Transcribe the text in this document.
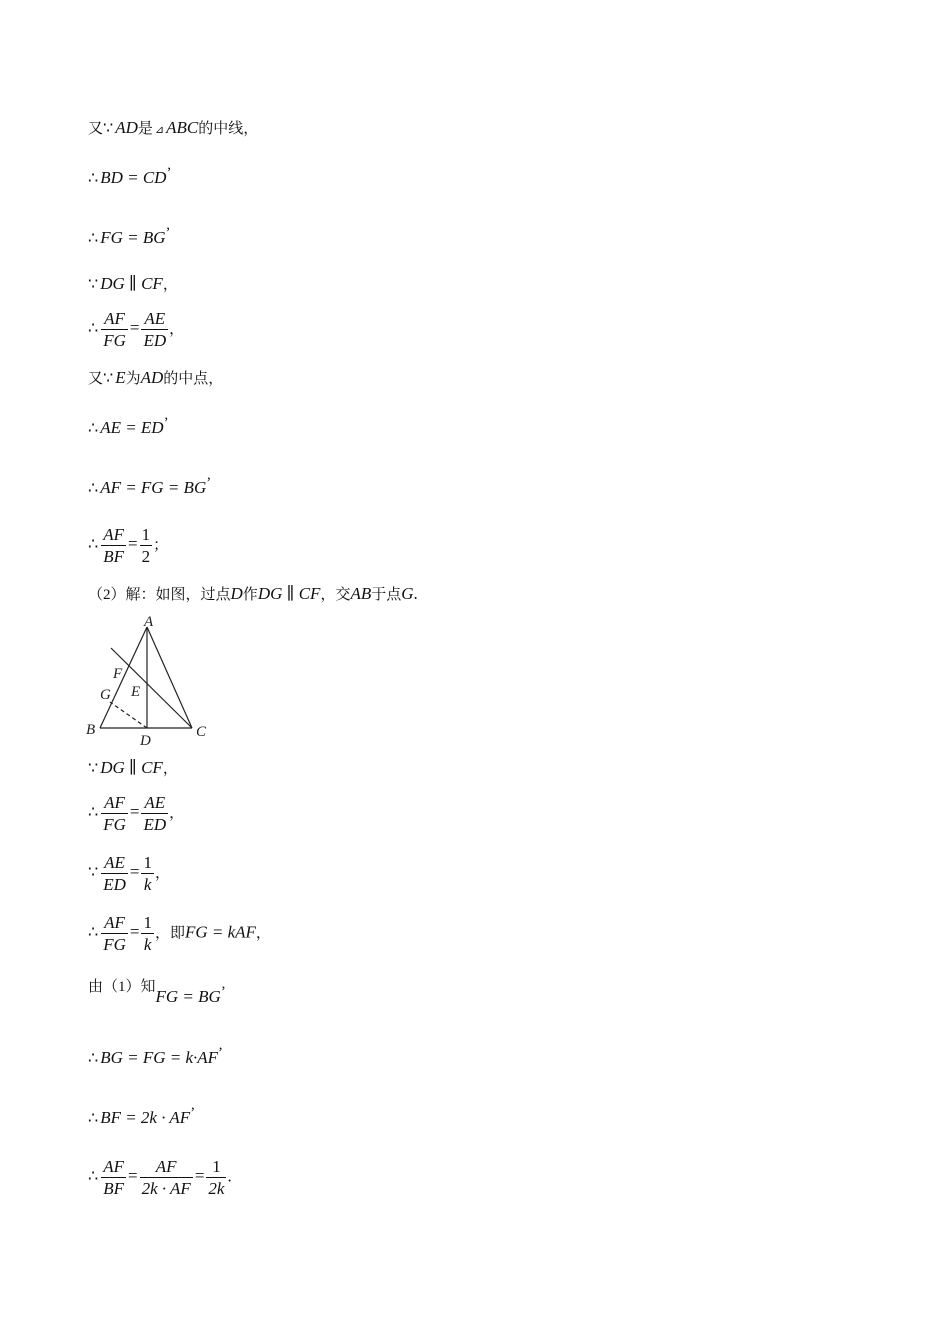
又∵ AD是 ⊿ ABC的中线，
∴ BD = CD’
∴ FG = BG’
∵ DG ∥ CF，
∴ $\frac{AF}{FG} = \frac{AE}{ED}$ ，
又∵ E为AD的中点，
∴ AE = ED’
∴ AF = FG = BG’
∴ $\frac{AF}{BF} = \frac{1}{2}$ ；
（2）解：如图，过点D作DG ∥ CF，交AB于点G.
A
B	C
D
E
F
G
∵ DG ∥ CF，
∴ $\frac{AF}{FG} = \frac{AE}{ED}$ ，
∵ $\frac{AE}{ED} = \frac{1}{k}$ ，
∴ $\frac{AF}{FG} = \frac{1}{k}$ ，即FG = kAF，
由（1）知FG = BG’
∴ BG = FG = k·AF’
∴ BF = 2k · AF’
∴ $\frac{AF}{BF} = \frac{AF}{2k \cdot AF} = \frac{1}{2k}$ .
